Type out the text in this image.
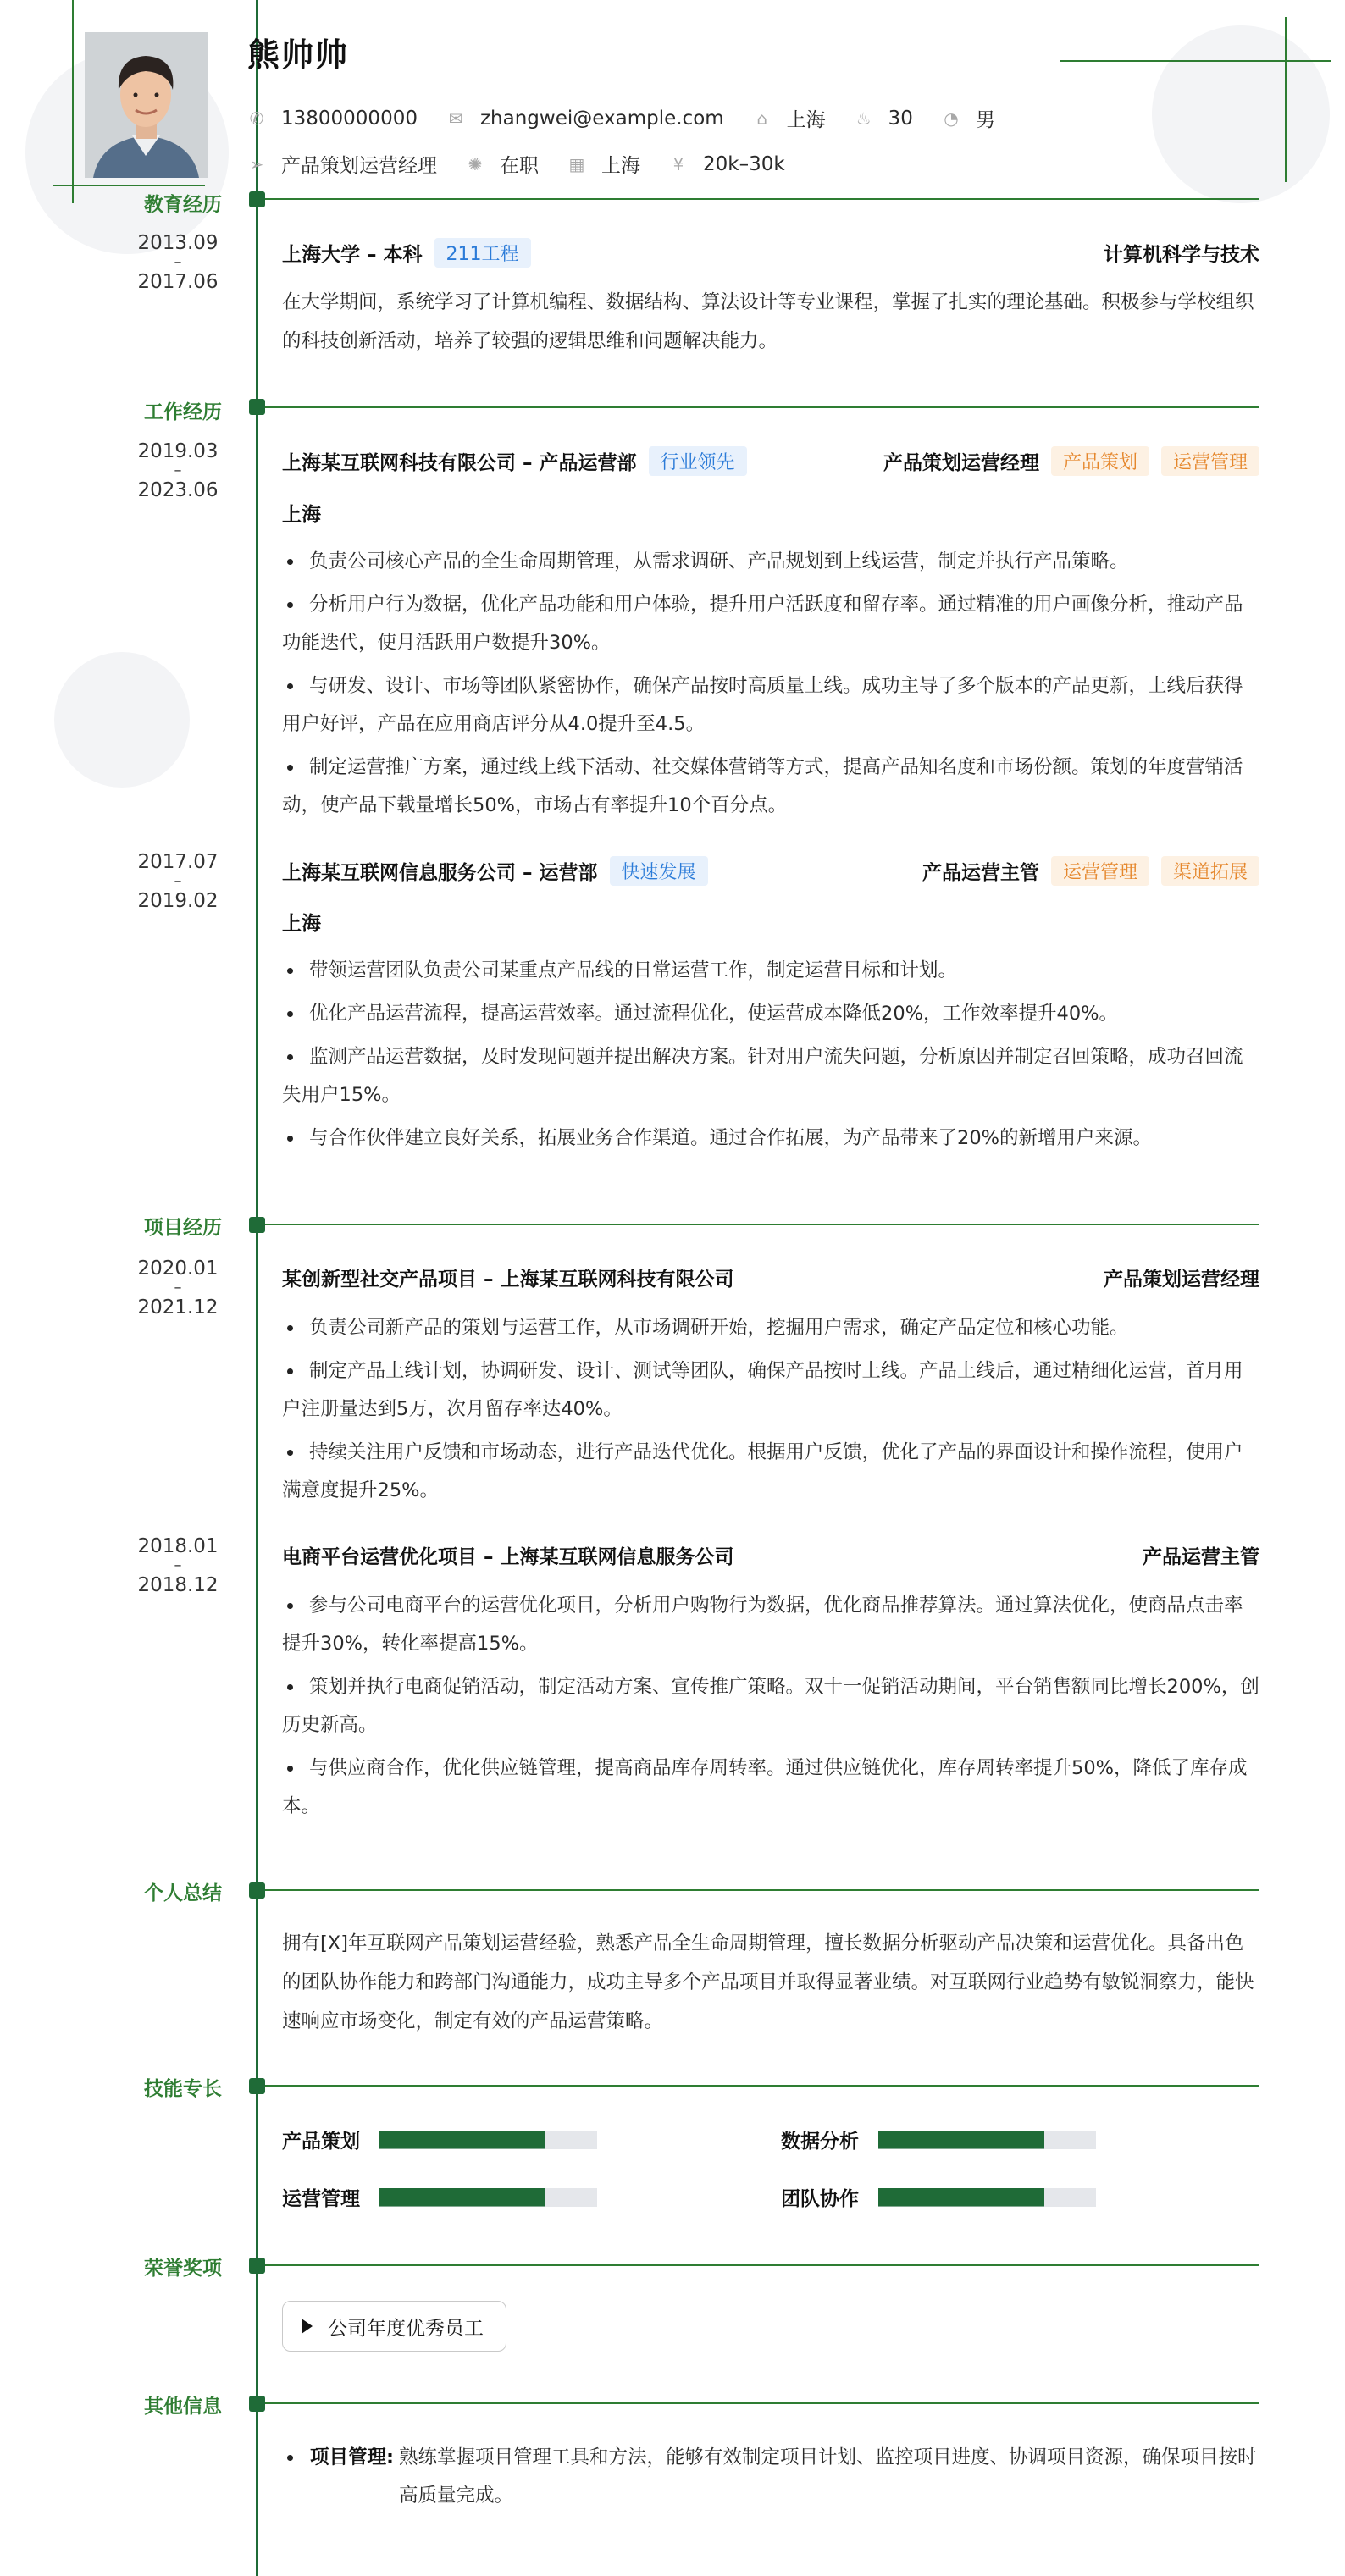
熊帅帅
✆ 13800000000 ✉ zhangwei@example.com ⌂ 上海 ♨ 30 ◔ 男
➢ 产品策划运营经理 ✺ 在职 ▦ 上海 ¥ 20k–30k
教育经历
2013.09
–
2017.06
上海大学 – 本科	211工程	计算机科学与技术
在大学期间，系统学习了计算机编程、数据结构、算法设计等专业课程，掌握了扎实的理论基础。积极参与学校组织的科技创新活动，培养了较强的逻辑思维和问题解决能力。
工作经历
2019.03
–
2023.06
上海某互联网科技有限公司 – 产品运营部	行业领先	产品策划运营经理	产品策划	运营管理
上海
负责公司核心产品的全生命周期管理，从需求调研、产品规划到上线运营，制定并执行产品策略。
分析用户行为数据，优化产品功能和用户体验，提升用户活跃度和留存率。通过精准的用户画像分析，推动产品功能迭代，使月活跃用户数提升30%。
与研发、设计、市场等团队紧密协作，确保产品按时高质量上线。成功主导了多个版本的产品更新，上线后获得用户好评，产品在应用商店评分从4.0提升至4.5。
制定运营推广方案，通过线上线下活动、社交媒体营销等方式，提高产品知名度和市场份额。策划的年度营销活动，使产品下载量增长50%，市场占有率提升10个百分点。
2017.07
–
2019.02
上海某互联网信息服务公司 – 运营部	快速发展	产品运营主管	运营管理	渠道拓展
上海
带领运营团队负责公司某重点产品线的日常运营工作，制定运营目标和计划。
优化产品运营流程，提高运营效率。通过流程优化，使运营成本降低20%，工作效率提升40%。
监测产品运营数据，及时发现问题并提出解决方案。针对用户流失问题，分析原因并制定召回策略，成功召回流失用户15%。
与合作伙伴建立良好关系，拓展业务合作渠道。通过合作拓展，为产品带来了20%的新增用户来源。
项目经历
2020.01
–
2021.12
某创新型社交产品项目 – 上海某互联网科技有限公司	产品策划运营经理
负责公司新产品的策划与运营工作，从市场调研开始，挖掘用户需求，确定产品定位和核心功能。
制定产品上线计划，协调研发、设计、测试等团队，确保产品按时上线。产品上线后，通过精细化运营，首月用户注册量达到5万，次月留存率达40%。
持续关注用户反馈和市场动态，进行产品迭代优化。根据用户反馈，优化了产品的界面设计和操作流程，使用户满意度提升25%。
2018.01
–
2018.12
电商平台运营优化项目 – 上海某互联网信息服务公司	产品运营主管
参与公司电商平台的运营优化项目，分析用户购物行为数据，优化商品推荐算法。通过算法优化，使商品点击率提升30%，转化率提高15%。
策划并执行电商促销活动，制定活动方案、宣传推广策略。双十一促销活动期间，平台销售额同比增长200%，创历史新高。
与供应商合作，优化供应链管理，提高商品库存周转率。通过供应链优化，库存周转率提升50%，降低了库存成本。
个人总结
拥有[X]年互联网产品策划运营经验，熟悉产品全生命周期管理，擅长数据分析驱动产品决策和运营优化。具备出色的团队协作能力和跨部门沟通能力，成功主导多个产品项目并取得显著业绩。对互联网行业趋势有敏锐洞察力，能快速响应市场变化，制定有效的产品运营策略。
技能专长
产品策划	数据分析
运营管理	团队协作
荣誉奖项
公司年度优秀员工
其他信息
项目管理: 熟练掌握项目管理工具和方法，能够有效制定项目计划、监控项目进度、协调项目资源，确保项目按时高质量完成。
